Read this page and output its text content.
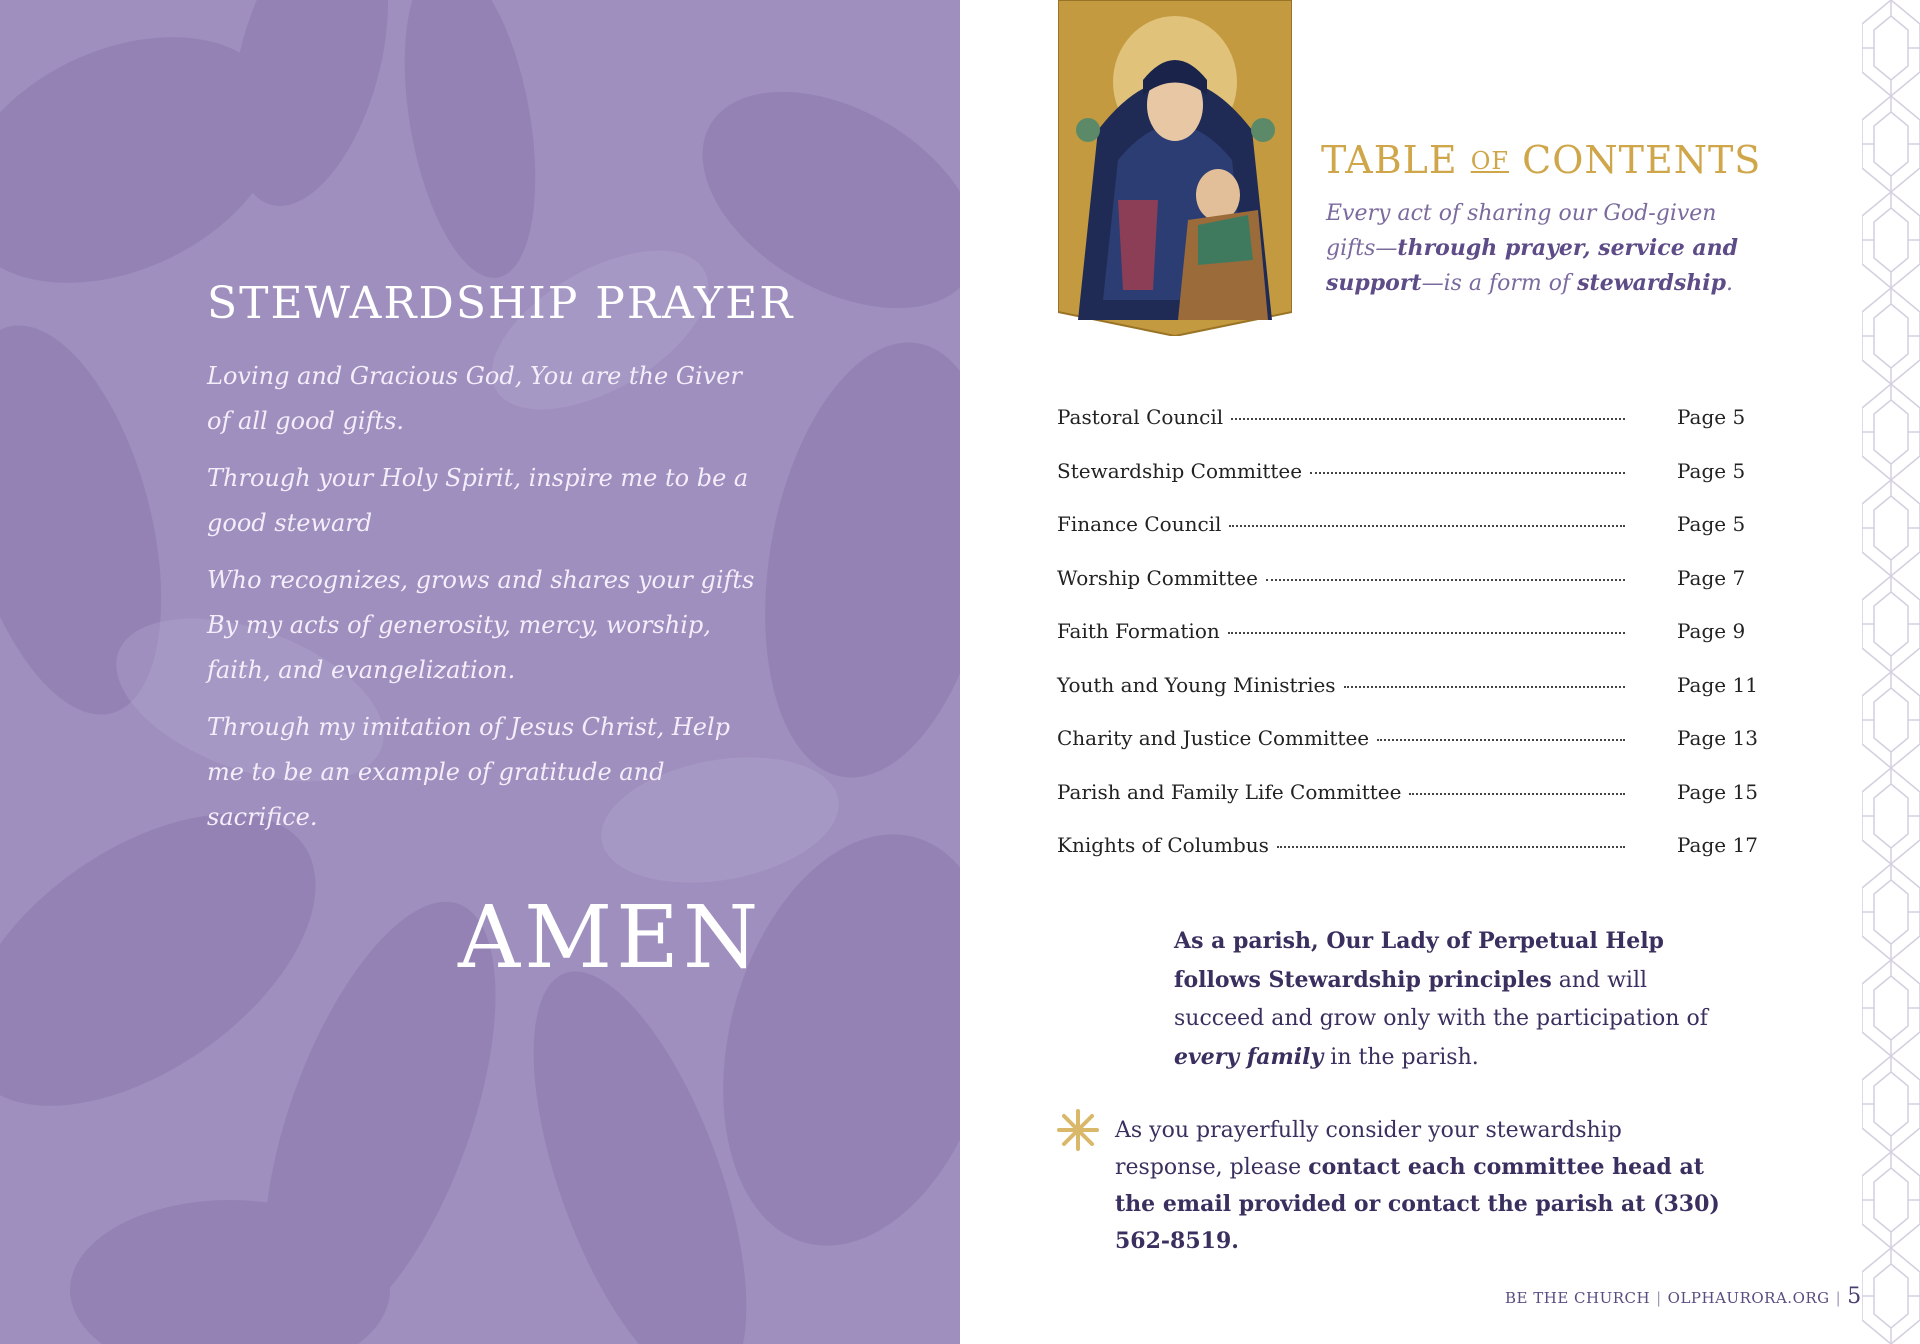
STEWARDSHIP PRAYER

Loving and Gracious God, You are the Giver of all good gifts.

Through your Holy Spirit, inspire me to be a good steward

Who recognizes, grows and shares your gifts By my acts of generosity, mercy, worship, faith, and evangelization.

Through my imitation of Jesus Christ, Help me to be an example of gratitude and sacrifice.

AMEN
TABLE OF CONTENTS

Every act of sharing our God-given gifts—through prayer, service and support—is a form of stewardship.

Pastoral Council	Page 5
Stewardship Committee	Page 5
Finance Council	Page 5
Worship Committee	Page 7
Faith Formation	Page 9
Youth and Young Ministries	Page 11
Charity and Justice Committee	Page 13
Parish and Family Life Committee	Page 15
Knights of Columbus	Page 17

As a parish, Our Lady of Perpetual Help follows Stewardship principles and will succeed and grow only with the participation of every family in the parish.

As you prayerfully consider your stewardship response, please contact each committee head at the email provided or contact the parish at (330) 562-8519.

BE THE CHURCH | OLPHAURORA.ORG | 5
